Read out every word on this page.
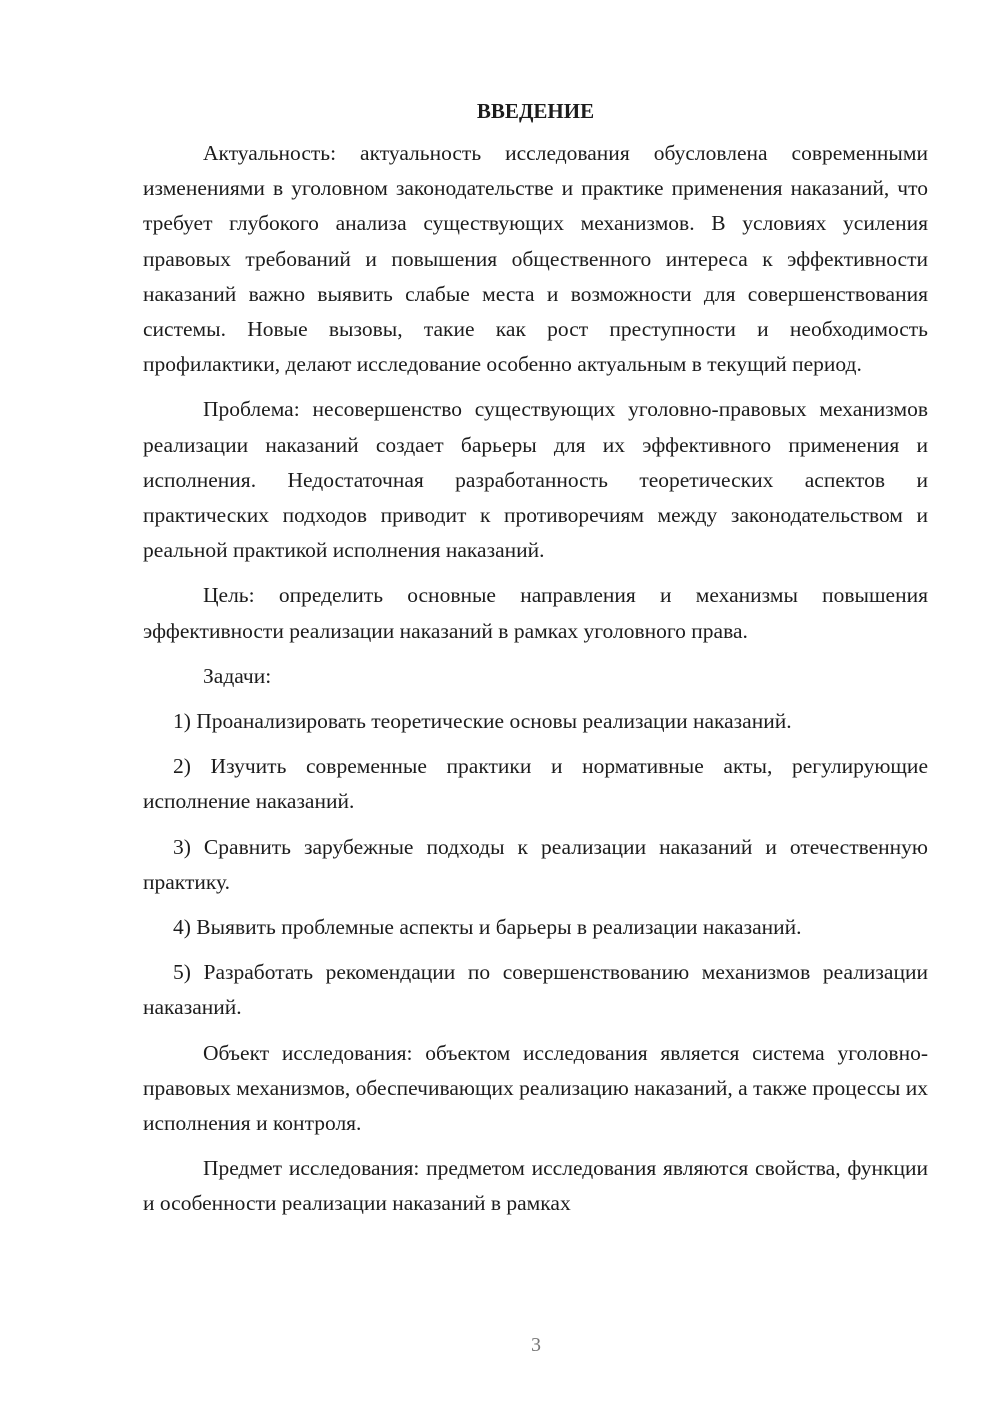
ВВЕДЕНИЕ

Актуальность: актуальность исследования обусловлена современными изменениями в уголовном законодательстве и практике применения наказаний, что требует глубокого анализа существующих механизмов. В условиях усиления правовых требований и повышения общественного интереса к эффективности наказаний важно выявить слабые места и возможности для совершенствования системы. Новые вызовы, такие как рост преступности и необходимость профилактики, делают исследование особенно актуальным в текущий период.

Проблема: несовершенство существующих уголовно-правовых механизмов реализации наказаний создает барьеры для их эффективного применения и исполнения. Недостаточная разработанность теоретических аспектов и практических подходов приводит к противоречиям между законодательством и реальной практикой исполнения наказаний.

Цель: определить основные направления и механизмы повышения эффективности реализации наказаний в рамках уголовного права.

Задачи:

1) Проанализировать теоретические основы реализации наказаний.

2) Изучить современные практики и нормативные акты, регулирующие исполнение наказаний.

3) Сравнить зарубежные подходы к реализации наказаний и отечественную практику.

4) Выявить проблемные аспекты и барьеры в реализации наказаний.

5) Разработать рекомендации по совершенствованию механизмов реализации наказаний.

Объект исследования: объектом исследования является система уголовно-правовых механизмов, обеспечивающих реализацию наказаний, а также процессы их исполнения и контроля.

Предмет исследования: предметом исследования являются свойства, функции и особенности реализации наказаний в рамках

3
